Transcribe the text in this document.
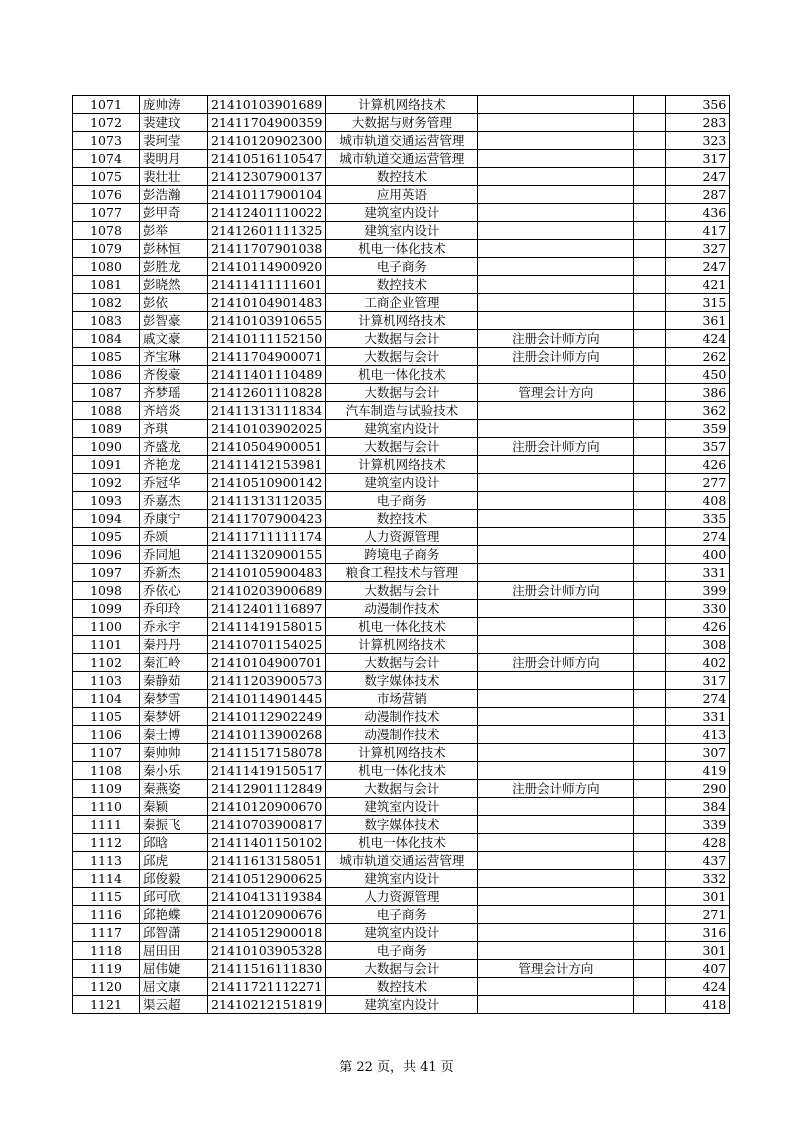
1071	庞帅涛	21410103901689	计算机网络技术			356
1072	裴建玟	21411704900359	大数据与财务管理			283
1073	裴珂莹	21410120902300	城市轨道交通运营管理			323
1074	裴明月	21410516110547	城市轨道交通运营管理			317
1075	裴壮壮	21412307900137	数控技术			247
1076	彭浩瀚	21410117900104	应用英语			287
1077	彭甲奇	21412401110022	建筑室内设计			436
1078	彭举	21412601111325	建筑室内设计			417
1079	彭林恒	21411707901038	机电一体化技术			327
1080	彭胜龙	21410114900920	电子商务			247
1081	彭晓然	21411411111601	数控技术			421
1082	彭依	21410104901483	工商企业管理			315
1083	彭智豪	21410103910655	计算机网络技术			361
1084	戚文豪	21410111152150	大数据与会计	注册会计师方向		424
1085	齐宝琳	21411704900071	大数据与会计	注册会计师方向		262
1086	齐俊豪	21411401110489	机电一体化技术			450
1087	齐梦瑶	21412601110828	大数据与会计	管理会计方向		386
1088	齐培炎	21411313111834	汽车制造与试验技术			362
1089	齐琪	21410103902025	建筑室内设计			359
1090	齐盛龙	21410504900051	大数据与会计	注册会计师方向		357
1091	齐艳龙	21411412153981	计算机网络技术			426
1092	乔冠华	21410510900142	建筑室内设计			277
1093	乔嘉杰	21411313112035	电子商务			408
1094	乔康宁	21411707900423	数控技术			335
1095	乔颂	21411711111174	人力资源管理			274
1096	乔同旭	21411320900155	跨境电子商务			400
1097	乔新杰	21410105900483	粮食工程技术与管理			331
1098	乔依心	21410203900689	大数据与会计	注册会计师方向		399
1099	乔印玲	21412401116897	动漫制作技术			330
1100	乔永宇	21411419158015	机电一体化技术			426
1101	秦丹丹	21410701154025	计算机网络技术			308
1102	秦汇岭	21410104900701	大数据与会计	注册会计师方向		402
1103	秦静茹	21411203900573	数字媒体技术			317
1104	秦梦雪	21410114901445	市场营销			274
1105	秦梦妍	21410112902249	动漫制作技术			331
1106	秦士博	21410113900268	动漫制作技术			413
1107	秦帅帅	21411517158078	计算机网络技术			307
1108	秦小乐	21411419150517	机电一体化技术			419
1109	秦燕姿	21412901112849	大数据与会计	注册会计师方向		290
1110	秦颖	21410120900670	建筑室内设计			384
1111	秦振飞	21410703900817	数字媒体技术			339
1112	邱晗	21411401150102	机电一体化技术			428
1113	邱虎	21411613158051	城市轨道交通运营管理			437
1114	邱俊毅	21410512900625	建筑室内设计			332
1115	邱可欣	21410413119384	人力资源管理			301
1116	邱艳蝶	21410120900676	电子商务			271
1117	邱智潇	21410512900018	建筑室内设计			316
1118	屈田田	21410103905328	电子商务			301
1119	屈伟婕	21411516111830	大数据与会计	管理会计方向		407
1120	屈文康	21411721112271	数控技术			424
1121	渠云超	21410212151819	建筑室内设计			418
第 22 页，共 41 页
